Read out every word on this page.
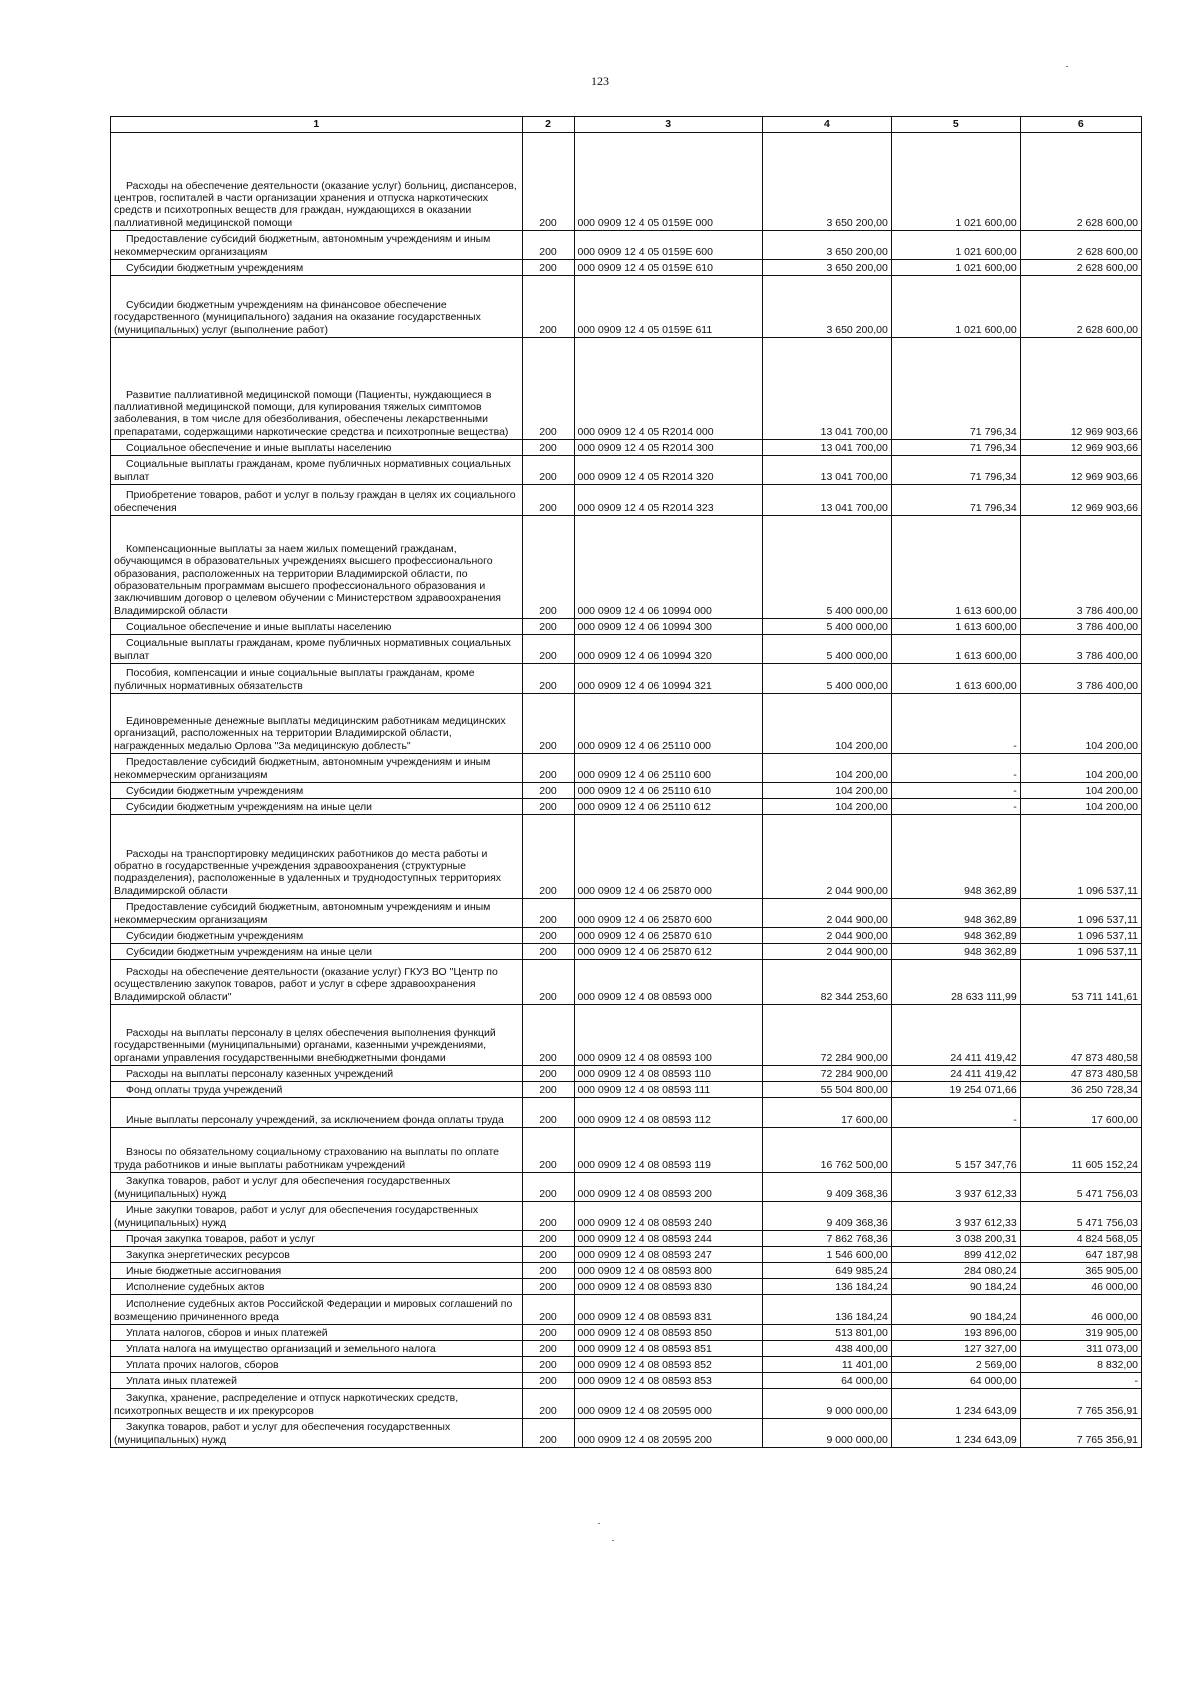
123
1	2	3	4	5	6
Расходы на обеспечение деятельности (оказание услуг) больниц, диспансеров, центров, госпиталей в части организации хранения и отпуска наркотических средств и психотропных веществ для граждан, нуждающихся в оказании паллиативной медицинской помощи	200	000 0909 12 4 05 0159E 000	3 650 200,00	1 021 600,00	2 628 600,00
Предоставление субсидий бюджетным, автономным учреждениям и иным некоммерческим организациям	200	000 0909 12 4 05 0159E 600	3 650 200,00	1 021 600,00	2 628 600,00
Субсидии бюджетным учреждениям	200	000 0909 12 4 05 0159E 610	3 650 200,00	1 021 600,00	2 628 600,00
Субсидии бюджетным учреждениям на финансовое обеспечение государственного (муниципального) задания на оказание государственных (муниципальных) услуг (выполнение работ)	200	000 0909 12 4 05 0159E 611	3 650 200,00	1 021 600,00	2 628 600,00
Развитие паллиативной медицинской помощи (Пациенты, нуждающиеся в паллиативной медицинской помощи, для купирования тяжелых симптомов заболевания, в том числе для обезболивания, обеспечены лекарственными препаратами, содержащими наркотические средства и психотропные вещества)	200	000 0909 12 4 05 R2014 000	13 041 700,00	71 796,34	12 969 903,66
Социальное обеспечение и иные выплаты населению	200	000 0909 12 4 05 R2014 300	13 041 700,00	71 796,34	12 969 903,66
Социальные выплаты гражданам, кроме публичных нормативных социальных выплат	200	000 0909 12 4 05 R2014 320	13 041 700,00	71 796,34	12 969 903,66
Приобретение товаров, работ и услуг в пользу граждан в целях их социального обеспечения	200	000 0909 12 4 05 R2014 323	13 041 700,00	71 796,34	12 969 903,66
Компенсационные выплаты за наем жилых помещений гражданам, обучающимся в образовательных учреждениях высшего профессионального образования, расположенных на территории Владимирской области, по образовательным программам высшего профессионального образования и заключившим договор о целевом обучении с Министерством здравоохранения Владимирской области	200	000 0909 12 4 06 10994 000	5 400 000,00	1 613 600,00	3 786 400,00
Социальное обеспечение и иные выплаты населению	200	000 0909 12 4 06 10994 300	5 400 000,00	1 613 600,00	3 786 400,00
Социальные выплаты гражданам, кроме публичных нормативных социальных выплат	200	000 0909 12 4 06 10994 320	5 400 000,00	1 613 600,00	3 786 400,00
Пособия, компенсации и иные социальные выплаты гражданам, кроме публичных нормативных обязательств	200	000 0909 12 4 06 10994 321	5 400 000,00	1 613 600,00	3 786 400,00
Единовременные денежные выплаты медицинским работникам медицинских организаций, расположенных на территории Владимирской области, награжденных медалью Орлова "За медицинскую доблесть"	200	000 0909 12 4 06 25110 000	104 200,00	-	104 200,00
Предоставление субсидий бюджетным, автономным учреждениям и иным некоммерческим организациям	200	000 0909 12 4 06 25110 600	104 200,00	-	104 200,00
Субсидии бюджетным учреждениям	200	000 0909 12 4 06 25110 610	104 200,00	-	104 200,00
Субсидии бюджетным учреждениям на иные цели	200	000 0909 12 4 06 25110 612	104 200,00	-	104 200,00
Расходы на транспортировку медицинских работников до места работы и обратно в государственные учреждения здравоохранения (структурные подразделения), расположенные в удаленных и труднодоступных территориях Владимирской области	200	000 0909 12 4 06 25870 000	2 044 900,00	948 362,89	1 096 537,11
Предоставление субсидий бюджетным, автономным учреждениям и иным некоммерческим организациям	200	000 0909 12 4 06 25870 600	2 044 900,00	948 362,89	1 096 537,11
Субсидии бюджетным учреждениям	200	000 0909 12 4 06 25870 610	2 044 900,00	948 362,89	1 096 537,11
Субсидии бюджетным учреждениям на иные цели	200	000 0909 12 4 06 25870 612	2 044 900,00	948 362,89	1 096 537,11
Расходы на обеспечение деятельности (оказание услуг) ГКУЗ ВО "Центр по осуществлению закупок товаров, работ и услуг в сфере здравоохранения Владимирской области"	200	000 0909 12 4 08 08593 000	82 344 253,60	28 633 111,99	53 711 141,61
Расходы на выплаты персоналу в целях обеспечения выполнения функций государственными (муниципальными) органами, казенными учреждениями, органами управления государственными внебюджетными фондами	200	000 0909 12 4 08 08593 100	72 284 900,00	24 411 419,42	47 873 480,58
Расходы на выплаты персоналу казенных учреждений	200	000 0909 12 4 08 08593 110	72 284 900,00	24 411 419,42	47 873 480,58
Фонд оплаты труда учреждений	200	000 0909 12 4 08 08593 111	55 504 800,00	19 254 071,66	36 250 728,34
Иные выплаты персоналу учреждений, за исключением фонда оплаты труда	200	000 0909 12 4 08 08593 112	17 600,00	-	17 600,00
Взносы по обязательному социальному страхованию на выплаты по оплате труда работников и иные выплаты работникам учреждений	200	000 0909 12 4 08 08593 119	16 762 500,00	5 157 347,76	11 605 152,24
Закупка товаров, работ и услуг для обеспечения государственных (муниципальных) нужд	200	000 0909 12 4 08 08593 200	9 409 368,36	3 937 612,33	5 471 756,03
Иные закупки товаров, работ и услуг для обеспечения государственных (муниципальных) нужд	200	000 0909 12 4 08 08593 240	9 409 368,36	3 937 612,33	5 471 756,03
Прочая закупка товаров, работ и услуг	200	000 0909 12 4 08 08593 244	7 862 768,36	3 038 200,31	4 824 568,05
Закупка энергетических ресурсов	200	000 0909 12 4 08 08593 247	1 546 600,00	899 412,02	647 187,98
Иные бюджетные ассигнования	200	000 0909 12 4 08 08593 800	649 985,24	284 080,24	365 905,00
Исполнение судебных актов	200	000 0909 12 4 08 08593 830	136 184,24	90 184,24	46 000,00
Исполнение судебных актов Российской Федерации и мировых соглашений по возмещению причиненного вреда	200	000 0909 12 4 08 08593 831	136 184,24	90 184,24	46 000,00
Уплата налогов, сборов и иных платежей	200	000 0909 12 4 08 08593 850	513 801,00	193 896,00	319 905,00
Уплата налога на имущество организаций и земельного налога	200	000 0909 12 4 08 08593 851	438 400,00	127 327,00	311 073,00
Уплата прочих налогов, сборов	200	000 0909 12 4 08 08593 852	11 401,00	2 569,00	8 832,00
Уплата иных платежей	200	000 0909 12 4 08 08593 853	64 000,00	64 000,00	-
Закупка, хранение, распределение и отпуск наркотических средств, психотропных веществ и их прекурсоров	200	000 0909 12 4 08 20595 000	9 000 000,00	1 234 643,09	7 765 356,91
Закупка товаров, работ и услуг для обеспечения государственных (муниципальных) нужд	200	000 0909 12 4 08 20595 200	9 000 000,00	1 234 643,09	7 765 356,91
